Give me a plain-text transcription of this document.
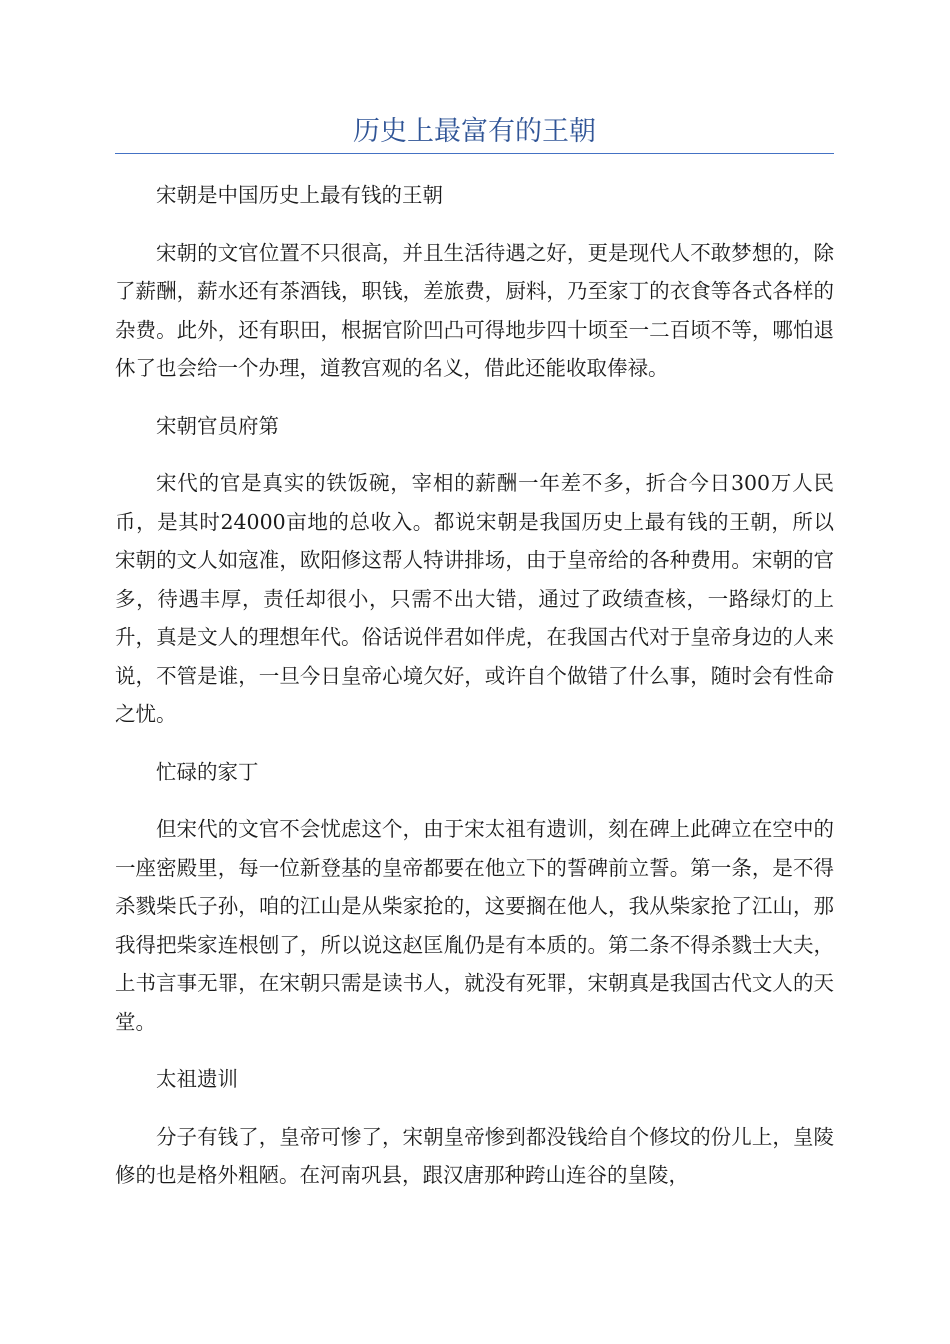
历史上最富有的王朝

宋朝是中国历史上最有钱的王朝

宋朝的文官位置不只很高，并且生活待遇之好，更是现代人不敢梦想的，除了薪酬，薪水还有茶酒钱，职钱，差旅费，厨料，乃至家丁的衣食等各式各样的杂费。此外，还有职田，根据官阶凹凸可得地步四十顷至一二百顷不等，哪怕退休了也会给一个办理，道教宫观的名义，借此还能收取俸禄。

宋朝官员府第

宋代的官是真实的铁饭碗，宰相的薪酬一年差不多，折合今日300万人民币，是其时24000亩地的总收入。都说宋朝是我国历史上最有钱的王朝，所以宋朝的文人如寇准，欧阳修这帮人特讲排场，由于皇帝给的各种费用。宋朝的官多，待遇丰厚，责任却很小，只需不出大错，通过了政绩查核，一路绿灯的上升，真是文人的理想年代。俗话说伴君如伴虎，在我国古代对于皇帝身边的人来说，不管是谁，一旦今日皇帝心境欠好，或许自个做错了什么事，随时会有性命之忧。

忙碌的家丁

但宋代的文官不会忧虑这个，由于宋太祖有遗训，刻在碑上此碑立在空中的一座密殿里，每一位新登基的皇帝都要在他立下的誓碑前立誓。第一条，是不得杀戮柴氏子孙，咱的江山是从柴家抢的，这要搁在他人，我从柴家抢了江山，那我得把柴家连根刨了，所以说这赵匡胤仍是有本质的。第二条不得杀戮士大夫，上书言事无罪，在宋朝只需是读书人，就没有死罪，宋朝真是我国古代文人的天堂。

太祖遗训

分子有钱了，皇帝可惨了，宋朝皇帝惨到都没钱给自个修坟的份儿上，皇陵修的也是格外粗陋。在河南巩县，跟汉唐那种跨山连谷的皇陵，
